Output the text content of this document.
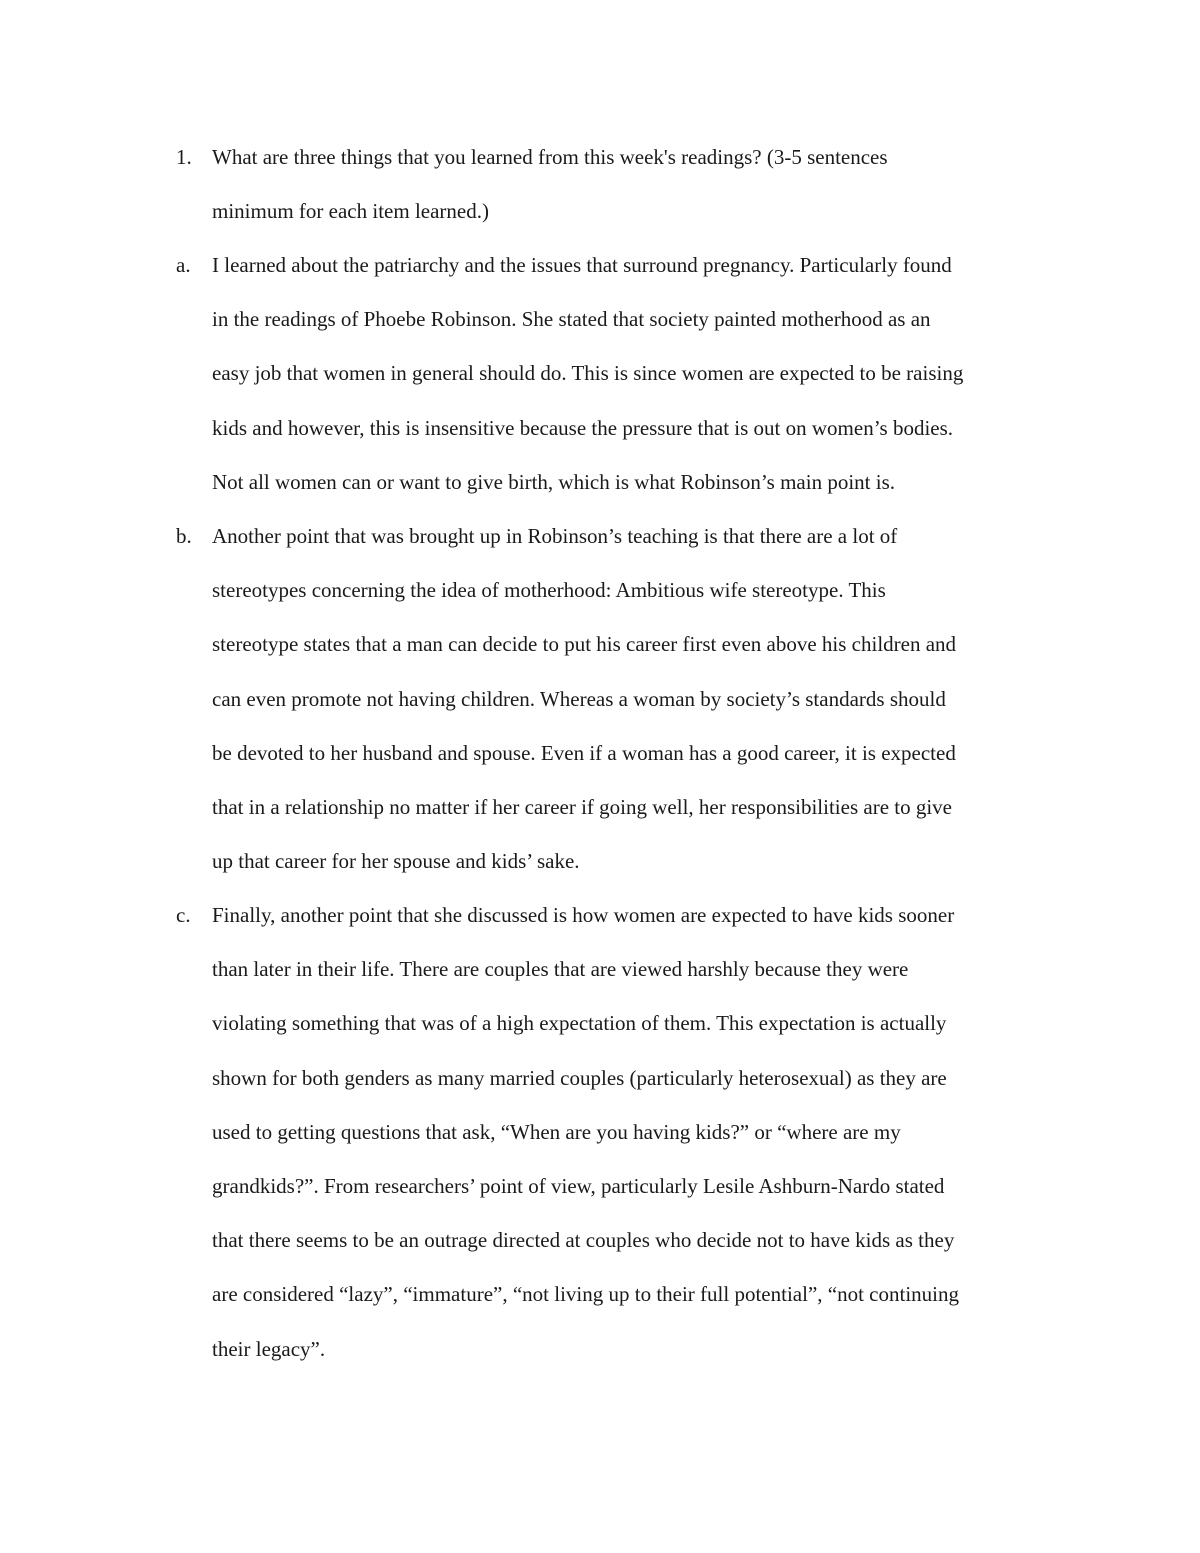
1. What are three things that you learned from this week's readings? (3-5 sentences
minimum for each item learned.)
a. I learned about the patriarchy and the issues that surround pregnancy. Particularly found
in the readings of Phoebe Robinson. She stated that society painted motherhood as an
easy job that women in general should do. This is since women are expected to be raising
kids and however, this is insensitive because the pressure that is out on women’s bodies.
Not all women can or want to give birth, which is what Robinson’s main point is.
b. Another point that was brought up in Robinson’s teaching is that there are a lot of
stereotypes concerning the idea of motherhood: Ambitious wife stereotype. This
stereotype states that a man can decide to put his career first even above his children and
can even promote not having children. Whereas a woman by society’s standards should
be devoted to her husband and spouse. Even if a woman has a good career, it is expected
that in a relationship no matter if her career if going well, her responsibilities are to give
up that career for her spouse and kids’ sake.
c. Finally, another point that she discussed is how women are expected to have kids sooner
than later in their life. There are couples that are viewed harshly because they were
violating something that was of a high expectation of them. This expectation is actually
shown for both genders as many married couples (particularly heterosexual) as they are
used to getting questions that ask, “When are you having kids?” or “where are my
grandkids?”. From researchers’ point of view, particularly Lesile Ashburn-Nardo stated
that there seems to be an outrage directed at couples who decide not to have kids as they
are considered “lazy”, “immature”, “not living up to their full potential”, “not continuing
their legacy”.
